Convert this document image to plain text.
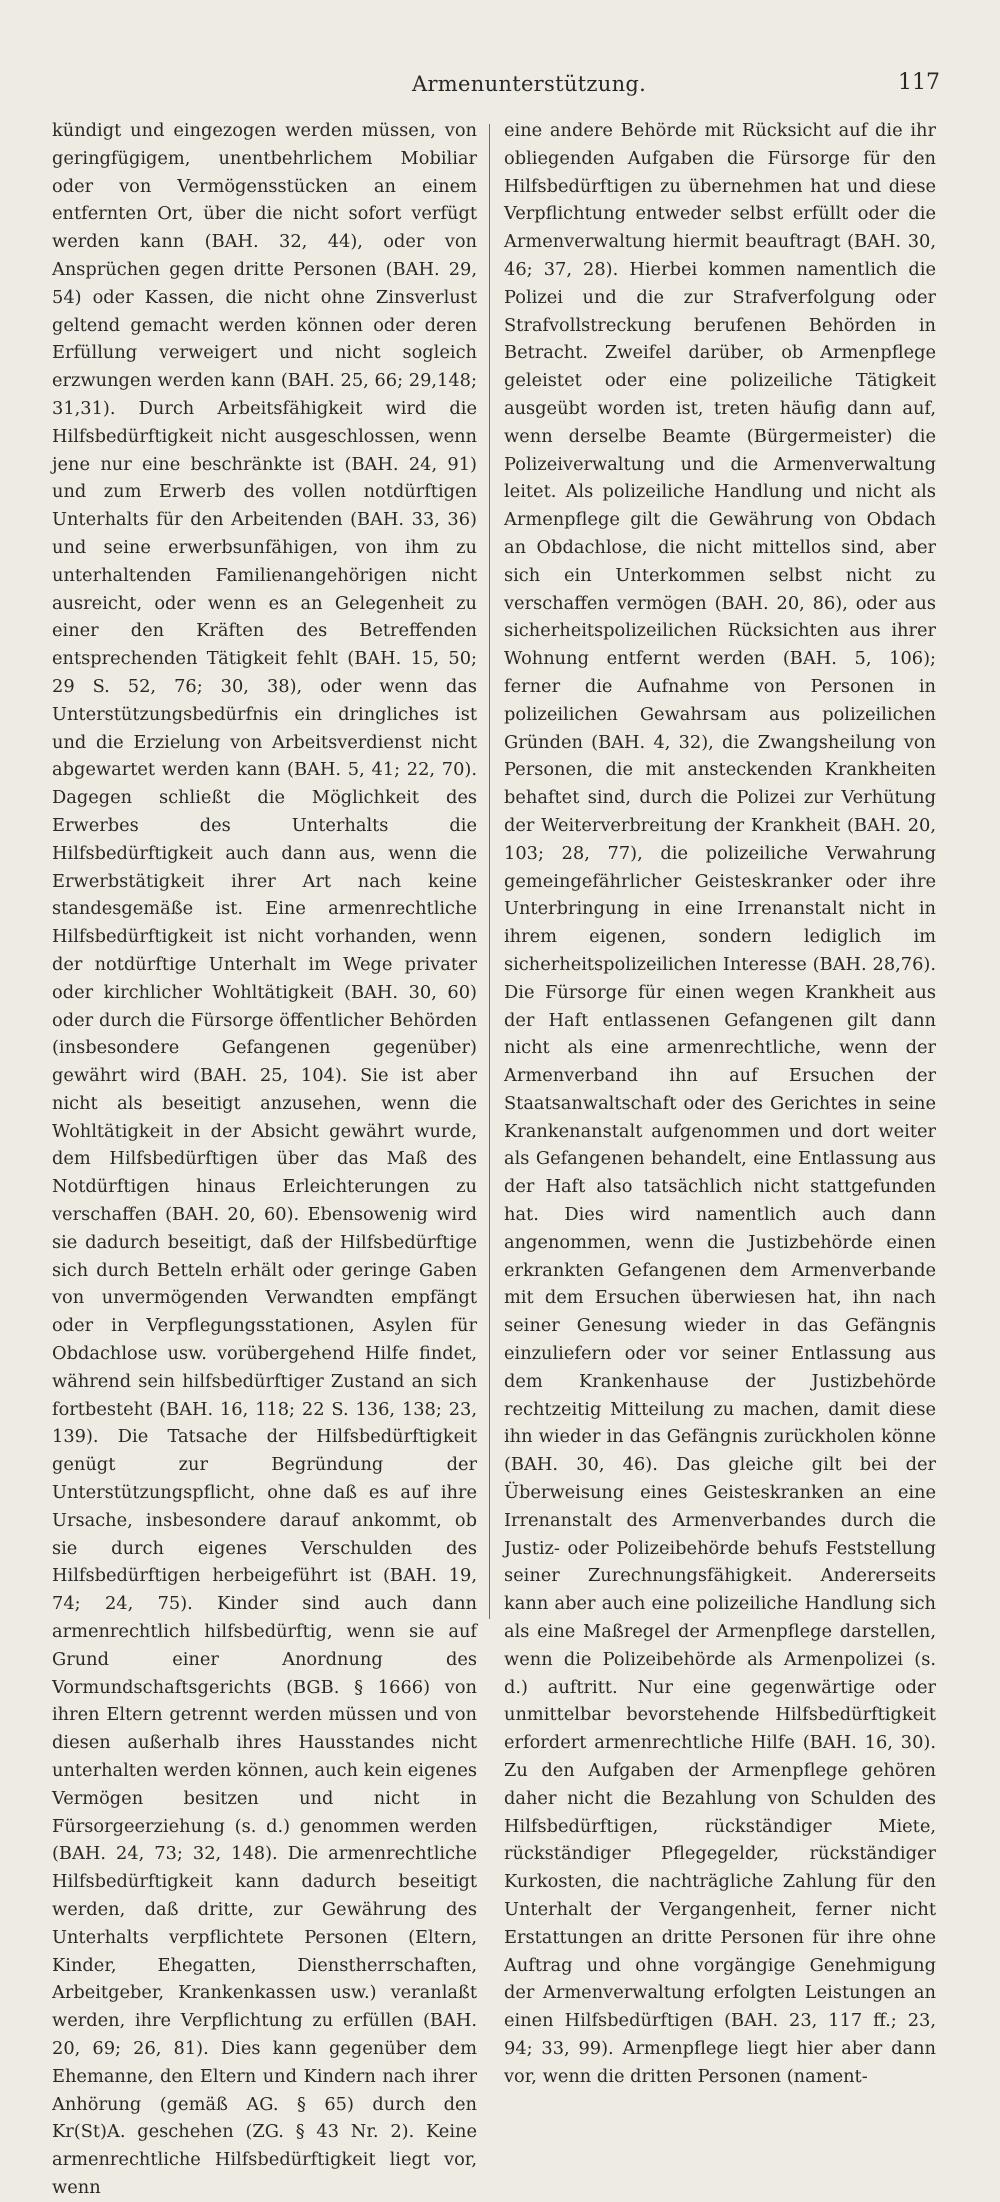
Armenunterstützung.	117

kündigt und eingezogen werden müssen, von geringfügigem, unentbehrlichem Mobiliar oder von Vermögensstücken an einem entfernten Ort, über die nicht sofort verfügt werden kann (BAH. 32, 44), oder von Ansprüchen gegen dritte Personen (BAH. 29, 54) oder Kassen, die nicht ohne Zinsverlust geltend gemacht werden können oder deren Erfüllung verweigert und nicht sogleich erzwungen werden kann (BAH. 25, 66; 29,148; 31,31). Durch Arbeitsfähigkeit wird die Hilfsbedürftigkeit nicht ausgeschlossen, wenn jene nur eine beschränkte ist (BAH. 24, 91) und zum Erwerb des vollen notdürftigen Unterhalts für den Arbeitenden (BAH. 33, 36) und seine erwerbsunfähigen, von ihm zu unterhaltenden Familienangehörigen nicht ausreicht, oder wenn es an Gelegenheit zu einer den Kräften des Betreffenden entsprechenden Tätigkeit fehlt (BAH. 15, 50; 29 S. 52, 76; 30, 38), oder wenn das Unterstützungsbedürfnis ein dringliches ist und die Erzielung von Arbeitsverdienst nicht abgewartet werden kann (BAH. 5, 41; 22, 70). Dagegen schließt die Möglichkeit des Erwerbes des Unterhalts die Hilfsbedürftigkeit auch dann aus, wenn die Erwerbstätigkeit ihrer Art nach keine standesgemäße ist. Eine armenrechtliche Hilfsbedürftigkeit ist nicht vorhanden, wenn der notdürftige Unterhalt im Wege privater oder kirchlicher Wohltätigkeit (BAH. 30, 60) oder durch die Fürsorge öffentlicher Behörden (insbesondere Gefangenen gegenüber) gewährt wird (BAH. 25, 104). Sie ist aber nicht als beseitigt anzusehen, wenn die Wohltätigkeit in der Absicht gewährt wurde, dem Hilfsbedürftigen über das Maß des Notdürftigen hinaus Erleichterungen zu verschaffen (BAH. 20, 60). Ebensowenig wird sie dadurch beseitigt, daß der Hilfsbedürftige sich durch Betteln erhält oder geringe Gaben von unvermögenden Verwandten empfängt oder in Verpflegungsstationen, Asylen für Obdachlose usw. vorübergehend Hilfe findet, während sein hilfsbedürftiger Zustand an sich fortbesteht (BAH. 16, 118; 22 S. 136, 138; 23, 139). Die Tatsache der Hilfsbedürftigkeit genügt zur Begründung der Unterstützungspflicht, ohne daß es auf ihre Ursache, insbesondere darauf ankommt, ob sie durch eigenes Verschulden des Hilfsbedürftigen herbeigeführt ist (BAH. 19, 74; 24, 75). Kinder sind auch dann armenrechtlich hilfsbedürftig, wenn sie auf Grund einer Anordnung des Vormundschaftsgerichts (BGB. § 1666) von ihren Eltern getrennt werden müssen und von diesen außerhalb ihres Hausstandes nicht unterhalten werden können, auch kein eigenes Vermögen besitzen und nicht in Fürsorgeerziehung (s. d.) genommen werden (BAH. 24, 73; 32, 148). Die armenrechtliche Hilfsbedürftigkeit kann dadurch beseitigt werden, daß dritte, zur Gewährung des Unterhalts verpflichtete Personen (Eltern, Kinder, Ehegatten, Dienstherrschaften, Arbeitgeber, Krankenkassen usw.) veranlaßt werden, ihre Verpflichtung zu erfüllen (BAH. 20, 69; 26, 81). Dies kann gegenüber dem Ehemanne, den Eltern und Kindern nach ihrer Anhörung (gemäß AG. § 65) durch den Kr(St)A. geschehen (ZG. § 43 Nr. 2). Keine armenrechtliche Hilfsbedürftigkeit liegt vor, wenn

eine andere Behörde mit Rücksicht auf die ihr obliegenden Aufgaben die Fürsorge für den Hilfsbedürftigen zu übernehmen hat und diese Verpflichtung entweder selbst erfüllt oder die Armenverwaltung hiermit beauftragt (BAH. 30, 46; 37, 28). Hierbei kommen namentlich die Polizei und die zur Strafverfolgung oder Strafvollstreckung berufenen Behörden in Betracht. Zweifel darüber, ob Armenpflege geleistet oder eine polizeiliche Tätigkeit ausgeübt worden ist, treten häufig dann auf, wenn derselbe Beamte (Bürgermeister) die Polizeiverwaltung und die Armenverwaltung leitet. Als polizeiliche Handlung und nicht als Armenpflege gilt die Gewährung von Obdach an Obdachlose, die nicht mittellos sind, aber sich ein Unterkommen selbst nicht zu verschaffen vermögen (BAH. 20, 86), oder aus sicherheitspolizeilichen Rücksichten aus ihrer Wohnung entfernt werden (BAH. 5, 106); ferner die Aufnahme von Personen in polizeilichen Gewahrsam aus polizeilichen Gründen (BAH. 4, 32), die Zwangsheilung von Personen, die mit ansteckenden Krankheiten behaftet sind, durch die Polizei zur Verhütung der Weiterverbreitung der Krankheit (BAH. 20, 103; 28, 77), die polizeiliche Verwahrung gemeingefährlicher Geisteskranker oder ihre Unterbringung in eine Irrenanstalt nicht in ihrem eigenen, sondern lediglich im sicherheitspolizeilichen Interesse (BAH. 28,76). Die Fürsorge für einen wegen Krankheit aus der Haft entlassenen Gefangenen gilt dann nicht als eine armenrechtliche, wenn der Armenverband ihn auf Ersuchen der Staatsanwaltschaft oder des Gerichtes in seine Krankenanstalt aufgenommen und dort weiter als Gefangenen behandelt, eine Entlassung aus der Haft also tatsächlich nicht stattgefunden hat. Dies wird namentlich auch dann angenommen, wenn die Justizbehörde einen erkrankten Gefangenen dem Armenverbande mit dem Ersuchen überwiesen hat, ihn nach seiner Genesung wieder in das Gefängnis einzuliefern oder vor seiner Entlassung aus dem Krankenhause der Justizbehörde rechtzeitig Mitteilung zu machen, damit diese ihn wieder in das Gefängnis zurückholen könne (BAH. 30, 46). Das gleiche gilt bei der Überweisung eines Geisteskranken an eine Irrenanstalt des Armenverbandes durch die Justiz- oder Polizeibehörde behufs Feststellung seiner Zurechnungsfähigkeit. Andererseits kann aber auch eine polizeiliche Handlung sich als eine Maßregel der Armenpflege darstellen, wenn die Polizeibehörde als Armenpolizei (s. d.) auftritt. Nur eine gegenwärtige oder unmittelbar bevorstehende Hilfsbedürftigkeit erfordert armenrechtliche Hilfe (BAH. 16, 30). Zu den Aufgaben der Armenpflege gehören daher nicht die Bezahlung von Schulden des Hilfsbedürftigen, rückständiger Miete, rückständiger Pflegegelder, rückständiger Kurkosten, die nachträgliche Zahlung für den Unterhalt der Vergangenheit, ferner nicht Erstattungen an dritte Personen für ihre ohne Auftrag und ohne vorgängige Genehmigung der Armenverwaltung erfolgten Leistungen an einen Hilfsbedürftigen (BAH. 23, 117 ff.; 23, 94; 33, 99). Armenpflege liegt hier aber dann vor, wenn die dritten Personen (nament-
